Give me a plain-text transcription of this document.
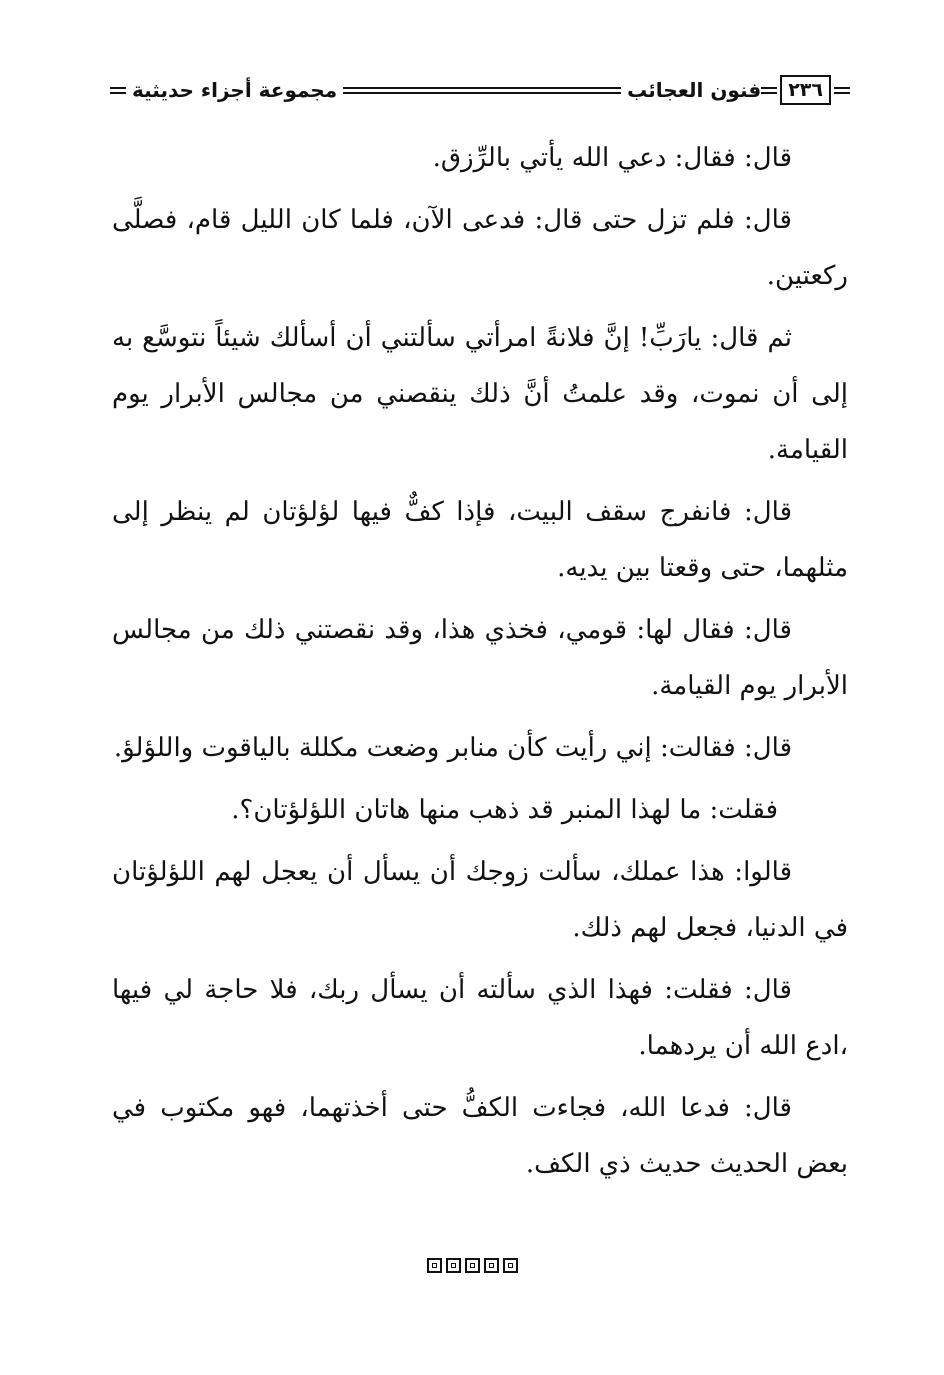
٢٣٦
فنون العجائب
مجموعة أجزاء حديثية

قال: فقال: دعي الله يأتي بالرِّزق.

قال: فلم تزل حتى قال: فدعى الآن، فلما كان الليل قام، فصلَّى ركعتين.

ثم قال: يارَبِّ! إنَّ فلانةً امرأتي سألتني أن أسألك شيئاً نتوسَّع به إلى أن نموت، وقد علمتُ أنَّ ذلك ينقصني من مجالس الأبرار يوم القيامة.

قال: فانفرج سقف البيت، فإذا كفٌّ فيها لؤلؤتان لم ينظر إلى مثلهما، حتى وقعتا بين يديه.

قال: فقال لها: قومي، فخذي هذا، وقد نقصتني ذلك من مجالس الأبرار يوم القيامة.

قال: فقالت: إني رأيت كأن منابر وضعت مكللة بالياقوت واللؤلؤ.

فقلت: ما لهذا المنبر قد ذهب منها هاتان اللؤلؤتان؟.

قالوا: هذا عملك، سألت زوجك أن يسأل أن يعجل لهم اللؤلؤتان في الدنيا، فجعل لهم ذلك.

قال: فقلت: فهذا الذي سألته أن يسأل ربك، فلا حاجة لي فيها ،ادع الله أن يردهما.

قال: فدعا الله، فجاءت الكفُّ حتى أخذتهما، فهو مكتوب في بعض الحديث حديث ذي الكف.
